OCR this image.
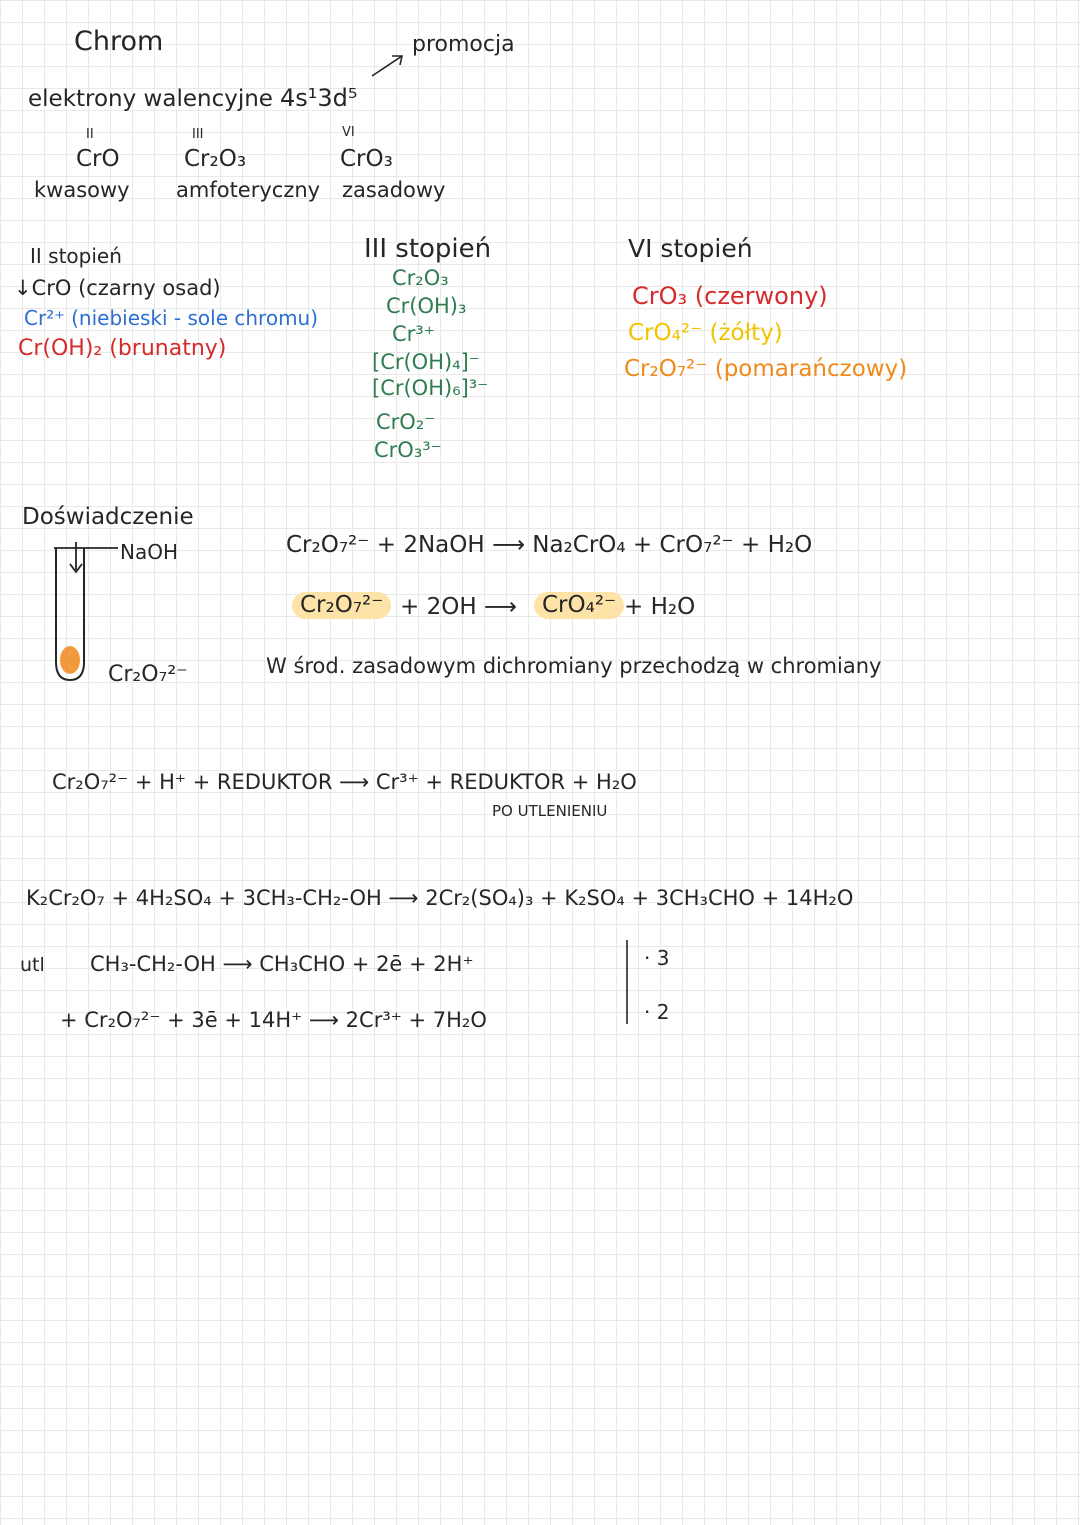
Chrom	promocja
elektrony walencyjne 4s¹3d⁵
II	III	VI
CrO	Cr₂O₃	CrO₃
kwasowy amfoteryczny zasadowy
II stopień
↓CrO (czarny osad)
Cr²⁺ (niebieski - sole chromu)
Cr(OH)₂ (brunatny)
III stopień
Cr₂O₃
Cr(OH)₃
Cr³⁺
[Cr(OH)₄]⁻
[Cr(OH)₆]³⁻
CrO₂⁻
CrO₃³⁻
VI stopień
CrO₃ (czerwony)
CrO₄²⁻ (żółty)
Cr₂O₇²⁻ (pomarańczowy)
Doświadczenie
NaOH
Cr₂O₇²⁻
Cr₂O₇²⁻ + 2NaOH ⟶ Na₂CrO₄ + CrO₇²⁻ + H₂O
Cr₂O₇²⁻ + 2OH ⟶	CrO₄²⁻ + H₂O
W środ. zasadowym dichromiany przechodzą w chromiany
Cr₂O₇²⁻ + H⁺ + REDUKTOR ⟶ Cr³⁺ + REDUKTOR + H₂O
PO UTLENIENIU
K₂Cr₂O₇ + 4H₂SO₄ + 3CH₃-CH₂-OH ⟶ 2Cr₂(SO₄)₃ + K₂SO₄ + 3CH₃CHO + 14H₂O
utl CH₃-CH₂-OH ⟶ CH₃CHO + 2ē + 2H⁺
+ Cr₂O₇²⁻ + 3ē + 14H⁺ ⟶ 2Cr³⁺ + 7H₂O
· 3
· 2
